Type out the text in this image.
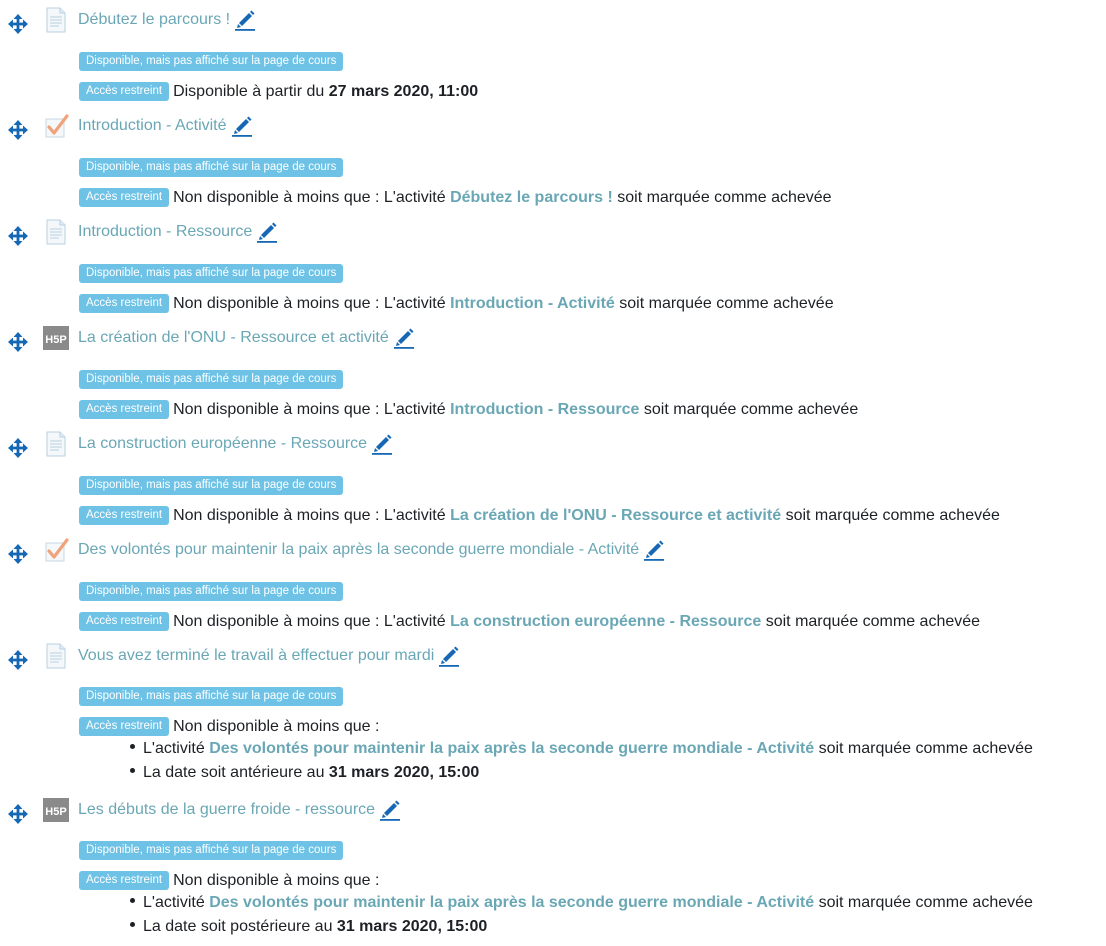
Débutez le parcours !
Disponible, mais pas affiché sur la page de cours
Accès restreint Disponible à partir du
27 mars 2020, 11:00
Introduction - Activité
Disponible, mais pas affiché sur la page de cours
Accès restreint Non disponible à moins que :
L'activité
Débutez le parcours !
soit marquée comme achevée
Introduction - Ressource
Disponible, mais pas affiché sur la page de cours
Accès restreint Non disponible à moins que :
L'activité
Introduction - Activité
soit marquée comme achevée
La création de l'ONU - Ressource et activité
Disponible, mais pas affiché sur la page de cours
Accès restreint Non disponible à moins que :
L'activité
Introduction - Ressource
soit marquée comme achevée
La construction européenne - Ressource
Disponible, mais pas affiché sur la page de cours
Accès restreint Non disponible à moins que :
L'activité
La création de l'ONU - Ressource et activité
soit marquée comme achevée
Des volontés pour maintenir la paix après la seconde guerre mondiale - Activité
Disponible, mais pas affiché sur la page de cours
Accès restreint Non disponible à moins que :
L'activité
La construction européenne - Ressource
soit marquée comme achevée
Vous avez terminé le travail à effectuer pour mardi
Disponible, mais pas affiché sur la page de cours
Accès restreint Non disponible à moins que :
L'activité Des volontés pour maintenir la paix après la seconde guerre mondiale - Activité soit marquée comme achevée
La date soit antérieure au 31 mars 2020, 15:00
Les débuts de la guerre froide - ressource
Disponible, mais pas affiché sur la page de cours
Accès restreint Non disponible à moins que :
L'activité Des volontés pour maintenir la paix après la seconde guerre mondiale - Activité soit marquée comme achevée
La date soit postérieure au 31 mars 2020, 15:00
